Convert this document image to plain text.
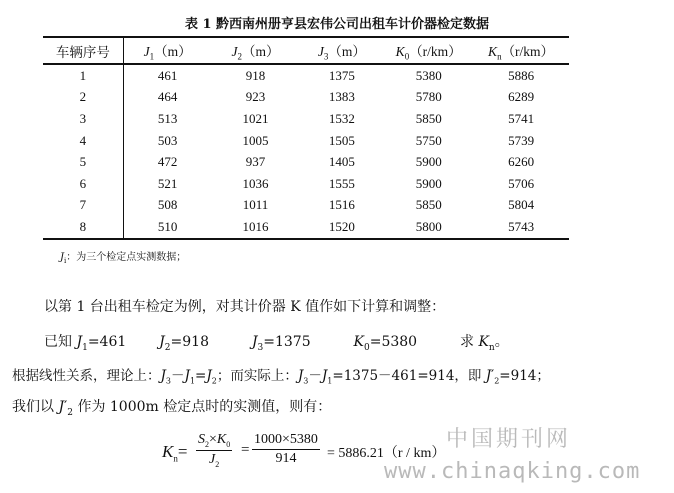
表 1 黔西南州册亨县宏伟公司出租车计价器检定数据
车辆序号	$J_1(m)$	$J_2(m)$	$J_3(m)$	$K_0(r/km)$	$K_n(r/km)$
1	461	918	1375	5380	5886
2	464	923	1383	5780	6289
3	513	1021	1532	5850	5741
4	503	1005	1505	5750	5739
5	472	937	1405	5900	6260
6	521	1036	1555	5900	5706
7	508	1011	1516	5850	5804
8	510	1016	1520	5800	5743
$J_i$：为三个检定点实测数据；
以第 1 台出租车检定为例，对其计价器 K 值作如下计算和调整：
已知 $J_1=461$ $J_2=918$	$J_3=1375$	$K_0=5380$	求 $K_n$。
根据线性关系，理论上：$J_3-J_1=J_2$；而实际上：$J_3-J_1=1375-461=914$，即 $J'_2=914$；
我们以 $J'_2$ 作为 1000m 检定点时的实测值，则有：
$K_n= \frac{S_2\times K_0}{J_2} = \frac{1000\times 5380}{914} = 5886.21(r / km)$
中国期刊网
www.chinaqking.com
